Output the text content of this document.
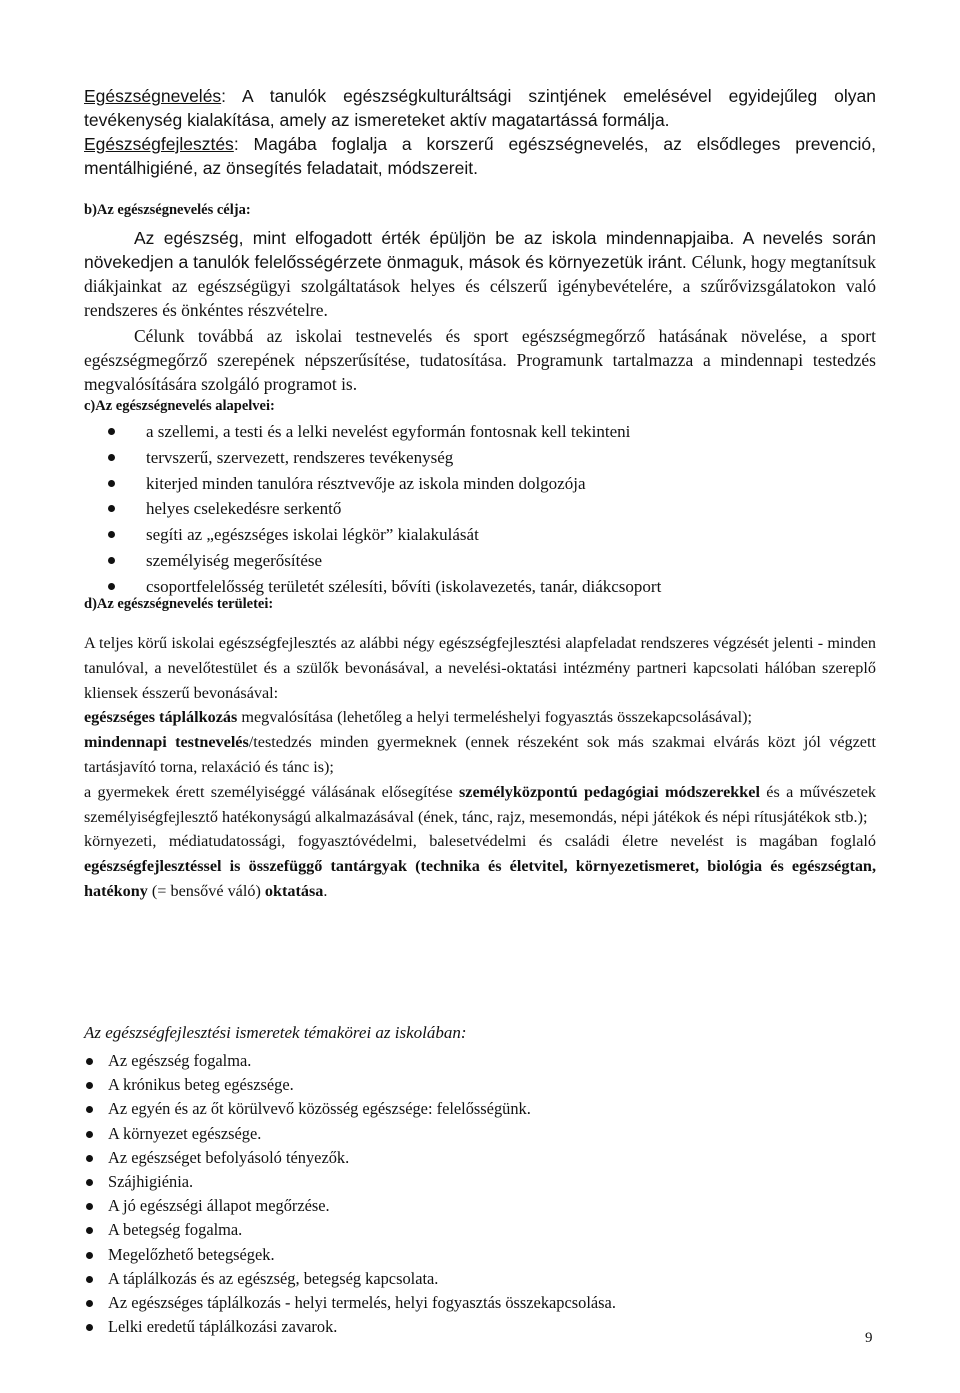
Egészségnevelés: A tanulók egészségkulturáltsági szintjének emelésével egyidejűleg olyan tevékenység kialakítása, amely az ismereteket aktív magatartássá formálja.

Egészségfejlesztés: Magába foglalja a korszerű egészségnevelés, az elsődleges prevenció, mentálhigiéné, az önsegítés feladatait, módszereit.

b)Az egészségnevelés célja:

Az egészség, mint elfogadott érték épüljön be az iskola mindennapjaiba. A nevelés során növekedjen a tanulók felelősségérzete önmaguk, mások és környezetük iránt. Célunk, hogy megtanítsuk diákjainkat az egészségügyi szolgáltatások helyes és célszerű igénybevételére, a szűrővizsgálatokon való rendszeres és önkéntes részvételre.

Célunk továbbá az iskolai testnevelés és sport egészségmegőrző hatásának növelése, a sport egészségmegőrző szerepének népszerűsítése, tudatosítása. Programunk tartalmazza a mindennapi testedzés megvalósítására szolgáló programot is.

c)Az egészségnevelés alapelvei:

a szellemi, a testi és a lelki nevelést egyformán fontosnak kell tekinteni
tervszerű, szervezett, rendszeres tevékenység
kiterjed minden tanulóra résztvevője az iskola minden dolgozója
helyes cselekedésre serkentő
segíti az „egészséges iskolai légkör” kialakulását
személyiség megerősítése
csoportfelelősség területét szélesíti, bővíti (iskolavezetés, tanár, diákcsoport

d)Az egészségnevelés területei:

A teljes körű iskolai egészségfejlesztés az alábbi négy egészségfejlesztési alapfeladat rendszeres végzését jelenti - minden tanulóval, a nevelőtestület és a szülők bevonásával, a nevelési-oktatási intézmény partneri kapcsolati hálóban szereplő kliensek ésszerű bevonásával:

egészséges táplálkozás megvalósítása (lehetőleg a helyi termeléshelyi fogyasztás összekapcsolásával);

mindennapi testnevelés/testedzés minden gyermeknek (ennek részeként sok más szakmai elvárás közt jól végzett tartásjavító torna, relaxáció és tánc is);

a gyermekek érett személyiséggé válásának elősegítése személyközpontú pedagógiai módszerekkel és a művészetek személyiségfejlesztő hatékonyságú alkalmazásával (ének, tánc, rajz, mesemondás, népi játékok és népi rítusjátékok stb.);

környezeti, médiatudatossági, fogyasztóvédelmi, balesetvédelmi és családi életre nevelést is magában foglaló egészségfejlesztéssel is összefüggő tantárgyak (technika és életvitel, környezetismeret, biológia és egészségtan, hatékony (= bensővé váló) oktatása.

Az egészségfejlesztési ismeretek témakörei az iskolában:

Az egészség fogalma.
A krónikus beteg egészsége.
Az egyén és az őt körülvevő közösség egészsége: felelősségünk.
A környezet egészsége.
Az egészséget befolyásoló tényezők.
Szájhigiénia.
A jó egészségi állapot megőrzése.
A betegség fogalma.
Megelőzhető betegségek.
A táplálkozás és az egészség, betegség kapcsolata.
Az egészséges táplálkozás - helyi termelés, helyi fogyasztás összekapcsolása.
Lelki eredetű táplálkozási zavarok.
9
